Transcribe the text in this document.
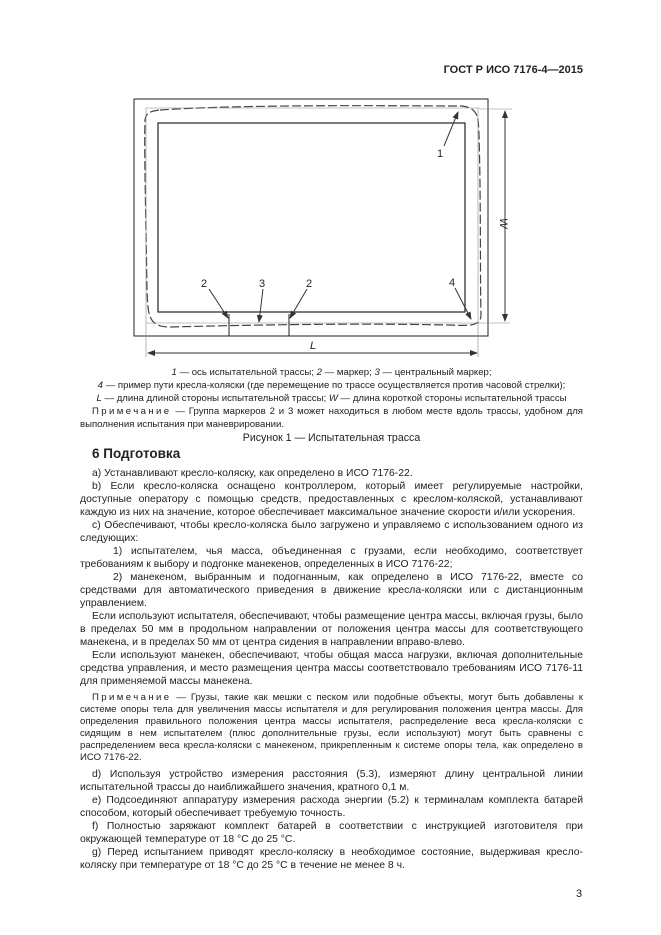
ГОСТ Р ИСО 7176-4—2015
1
2	3	2	4
L
W
1 — ось испытательной трассы; 2 — маркер; 3 — центральный маркер;
4 — пример пути кресла-коляски (где перемещение по трассе осуществляется против часовой стрелки);
L — длина длиной стороны испытательной трассы; W — длина короткой стороны испытательной трассы

Примечание — Группа маркеров 2 и 3 может находиться в любом месте вдоль трассы, удобном для выполнения испытания при маневрировании.

Рисунок 1 — Испытательная трасса
6 Подготовка

a) Устанавливают кресло-коляску, как определено в ИСО 7176-22.

b) Если кресло-коляска оснащено контроллером, который имеет регулируемые настройки, доступные оператору с помощью средств, предоставленных с креслом-коляской, устанавливают каждую из них на значение, которое обеспечивает максимальное значение скорости и/или ускорения.

c) Обеспечивают, чтобы кресло-коляска было загружено и управляемо с использованием одного из следующих:

1) испытателем, чья масса, объединенная с грузами, если необходимо, соответствует требованиям к выбору и подгонке манекенов, определенных в ИСО 7176-22;

2) манекеном, выбранным и подогнанным, как определено в ИСО 7176-22, вместе со средствами для автоматического приведения в движение кресла-коляски или с дистанционным управлением.

Если используют испытателя, обеспечивают, чтобы размещение центра массы, включая грузы, было в пределах 50 мм в продольном направлении от положения центра массы для соответствующего манекена, и в пределах 50 мм от центра сидения в направлении вправо-влево.

Если используют манекен, обеспечивают, чтобы общая масса нагрузки, включая дополнительные средства управления, и место размещения центра массы соответствовало требованиям ИСО 7176-11 для применяемой массы манекена.

Примечание — Грузы, такие как мешки с песком или подобные объекты, могут быть добавлены к системе опоры тела для увеличения массы испытателя и для регулирования положения центра массы. Для определения правильного положения центра массы испытателя, распределение веса кресла-коляски с сидящим в нем испытателем (плюс дополнительные грузы, если используют) могут быть сравнены с распределением веса кресла-коляски с манекеном, прикрепленным к системе опоры тела, как определено в ИСО 7176-22.

d) Используя устройство измерения расстояния (5.3), измеряют длину центральной линии испытательной трассы до наиближайшего значения, кратного 0,1 м.

e) Подсоединяют аппаратуру измерения расхода энергии (5.2) к терминалам комплекта батарей способом, который обеспечивает требуемую точность.

f) Полностью заряжают комплект батарей в соответствии с инструкцией изготовителя при окружающей температуре от 18 °С до 25 °С.

g) Перед испытанием приводят кресло-коляску в необходимое состояние, выдерживая кресло-коляску при температуре от 18 °С до 25 °С в течение не менее 8 ч.

3
